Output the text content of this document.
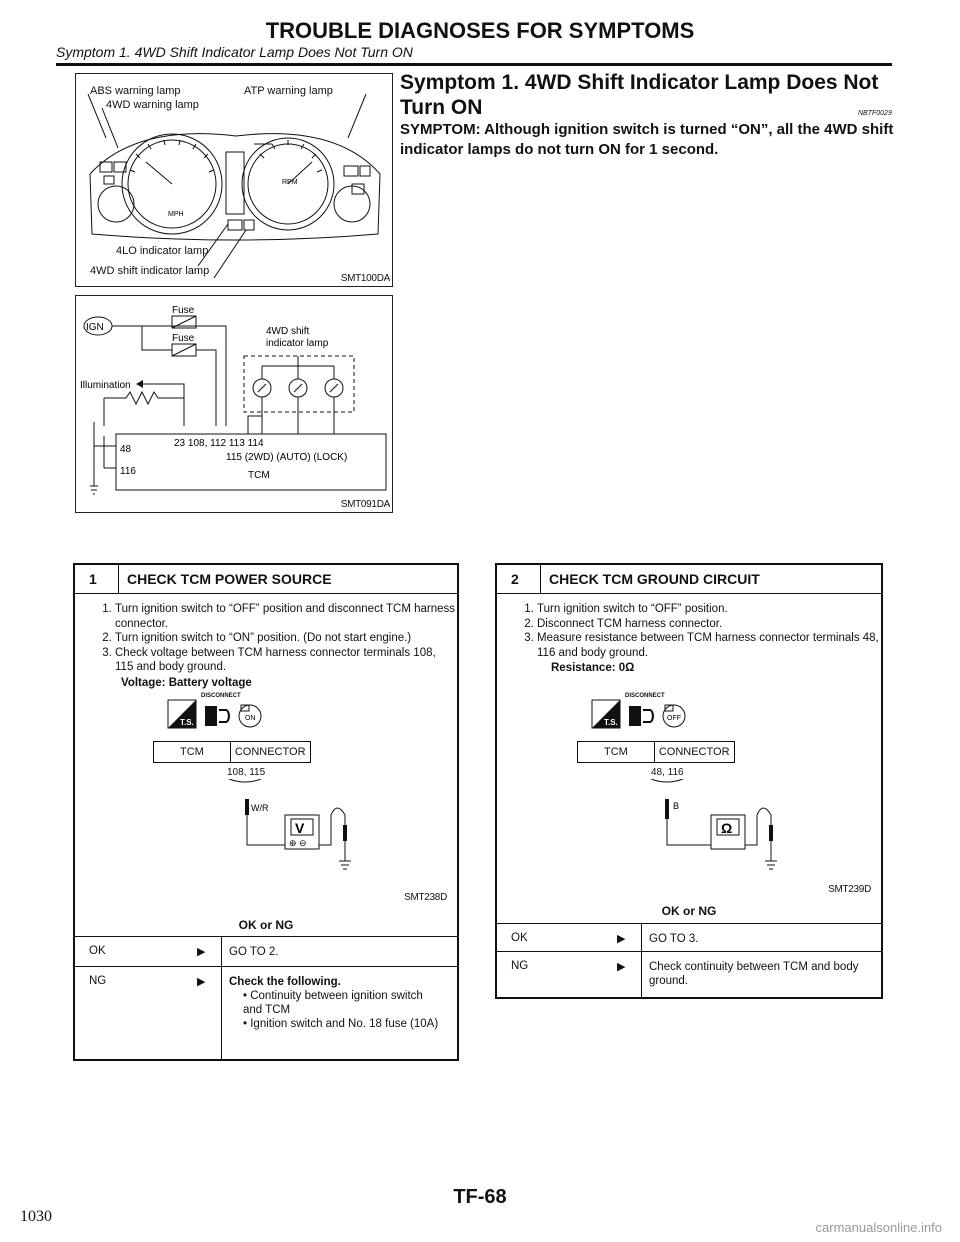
TROUBLE DIAGNOSES FOR SYMPTOMS
Symptom 1. 4WD Shift Indicator Lamp Does Not Turn ON
ABS warning lamp	ATP warning lamp
4WD warning lamp
MPH
RPM
4LO indicator lamp
4WD shift indicator lamp
SMT100DA
IGN
Fuse
Fuse
4WD shift
indicator lamp
Illumination
48
116
23 108, 112 113 114
115 (2WD) (AUTO) (LOCK)
TCM
SMT091DA
Symptom 1. 4WD Shift Indicator Lamp Does Not Turn ON	NBTF0029
SYMPTOM: Although ignition switch is turned “ON”, all the 4WD shift indicator lamps do not turn ON for 1 second.
1	CHECK TCM POWER SOURCE
1. Turn ignition switch to “OFF” position and disconnect TCM harness connector.
2. Turn ignition switch to “ON” position. (Do not start engine.)
3. Check voltage between TCM harness connector terminals 108, 115 and body ground.
Voltage: Battery voltage
T.S.
DISCONNECT
ON
TCM	CONNECTOR
108, 115
W/R
V
⊕ ⊖
SMT238D
OK or NG
OK	▶ GO TO 2.
NG	▶ Check the following.
• Continuity between ignition switch and TCM
• Ignition switch and No. 18 fuse (10A)
2	CHECK TCM GROUND CIRCUIT
1. Turn ignition switch to “OFF” position.
2. Disconnect TCM harness connector.
3. Measure resistance between TCM harness connector terminals 48, 116 and body ground.
Resistance: 0Ω
T.S.
DISCONNECT
OFF
TCM	CONNECTOR
48, 116
B
Ω
SMT239D
OK or NG
OK	▶ GO TO 3.
NG	▶ Check continuity between TCM and body ground.
TF-68
1030
carmanualsonline.info
